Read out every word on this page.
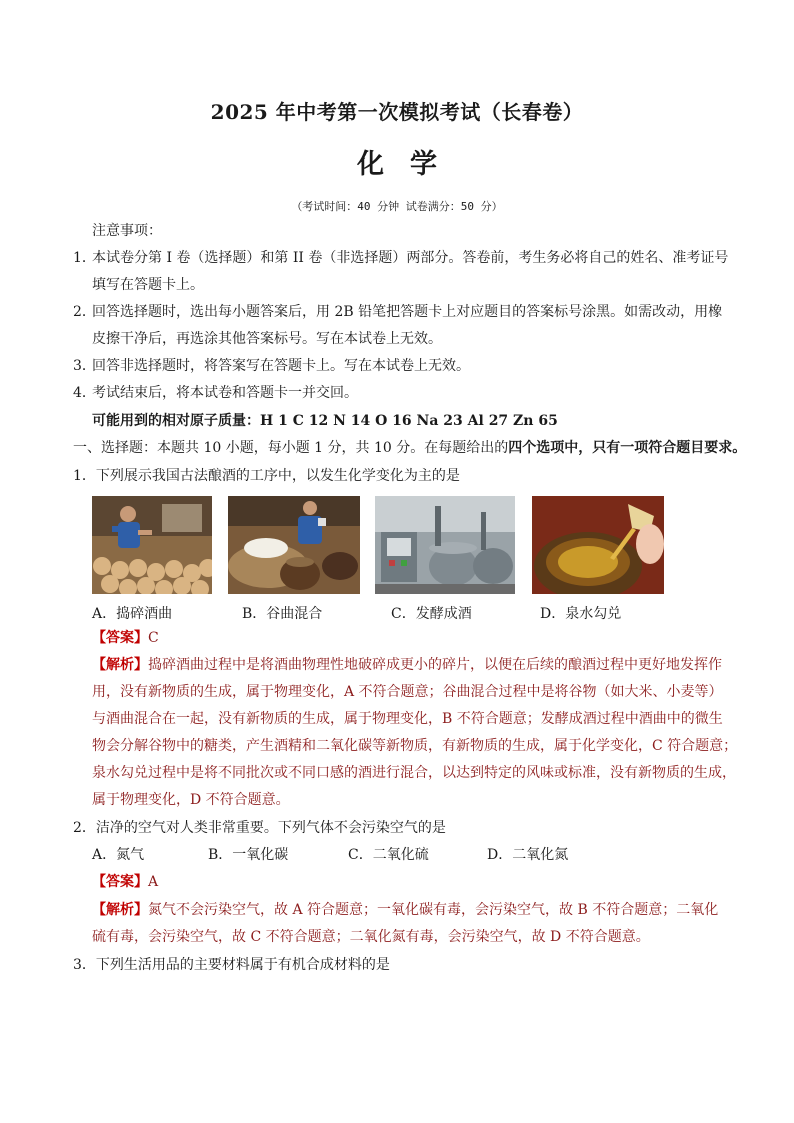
2025 年中考第一次模拟考试（长春卷）
化学
（考试时间：40 分钟 试卷满分：50 分）
注意事项：
1．
本试卷分第 I 卷（选择题）和第 II 卷（非选择题）两部分。答卷前，考生务必将自己的姓名、准考证号
填写在答题卡上。
2．
回答选择题时，选出每小题答案后，用 2B 铅笔把答题卡上对应题目的答案标号涂黑。如需改动，用橡
皮擦干净后，再选涂其他答案标号。写在本试卷上无效。
3．
回答非选择题时，将答案写在答题卡上。写在本试卷上无效。
4．
考试结束后，将本试卷和答题卡一并交回。
可能用到的相对原子质量：H 1 C 12 N 14 O 16 Na 23 Al 27 Zn 65
一、选择题：本题共 10 小题，每小题 1 分，共 10 分。在每题给出的四个选项中，只有一项符合题目要求。
1．下列展示我国古法酿酒的工序中，以发生化学变化为主的是
A．捣碎酒曲	B．谷曲混合	C．发酵成酒	D．泉水勾兑
【答案】C
【解析】捣碎酒曲过程中是将酒曲物理性地破碎成更小的碎片，以便在后续的酿酒过程中更好地发挥作
用，没有新物质的生成，属于物理变化，A 不符合题意；谷曲混合过程中是将谷物（如大米、小麦等）
与酒曲混合在一起，没有新物质的生成，属于物理变化，B 不符合题意；发酵成酒过程中酒曲中的微生
物会分解谷物中的糖类，产生酒精和二氧化碳等新物质，有新物质的生成，属于化学变化，C 符合题意；
泉水勾兑过程中是将不同批次或不同口感的酒进行混合，以达到特定的风味或标准，没有新物质的生成，
属于物理变化，D 不符合题意。
2．洁净的空气对人类非常重要。下列气体不会污染空气的是
A．氮气	B．一氧化碳	C．二氧化硫	D．二氧化氮
【答案】A
【解析】氮气不会污染空气，故 A 符合题意；一氧化碳有毒，会污染空气，故 B 不符合题意；二氧化
硫有毒，会污染空气，故 C 不符合题意；二氧化氮有毒，会污染空气，故 D 不符合题意。
3．下列生活用品的主要材料属于有机合成材料的是
